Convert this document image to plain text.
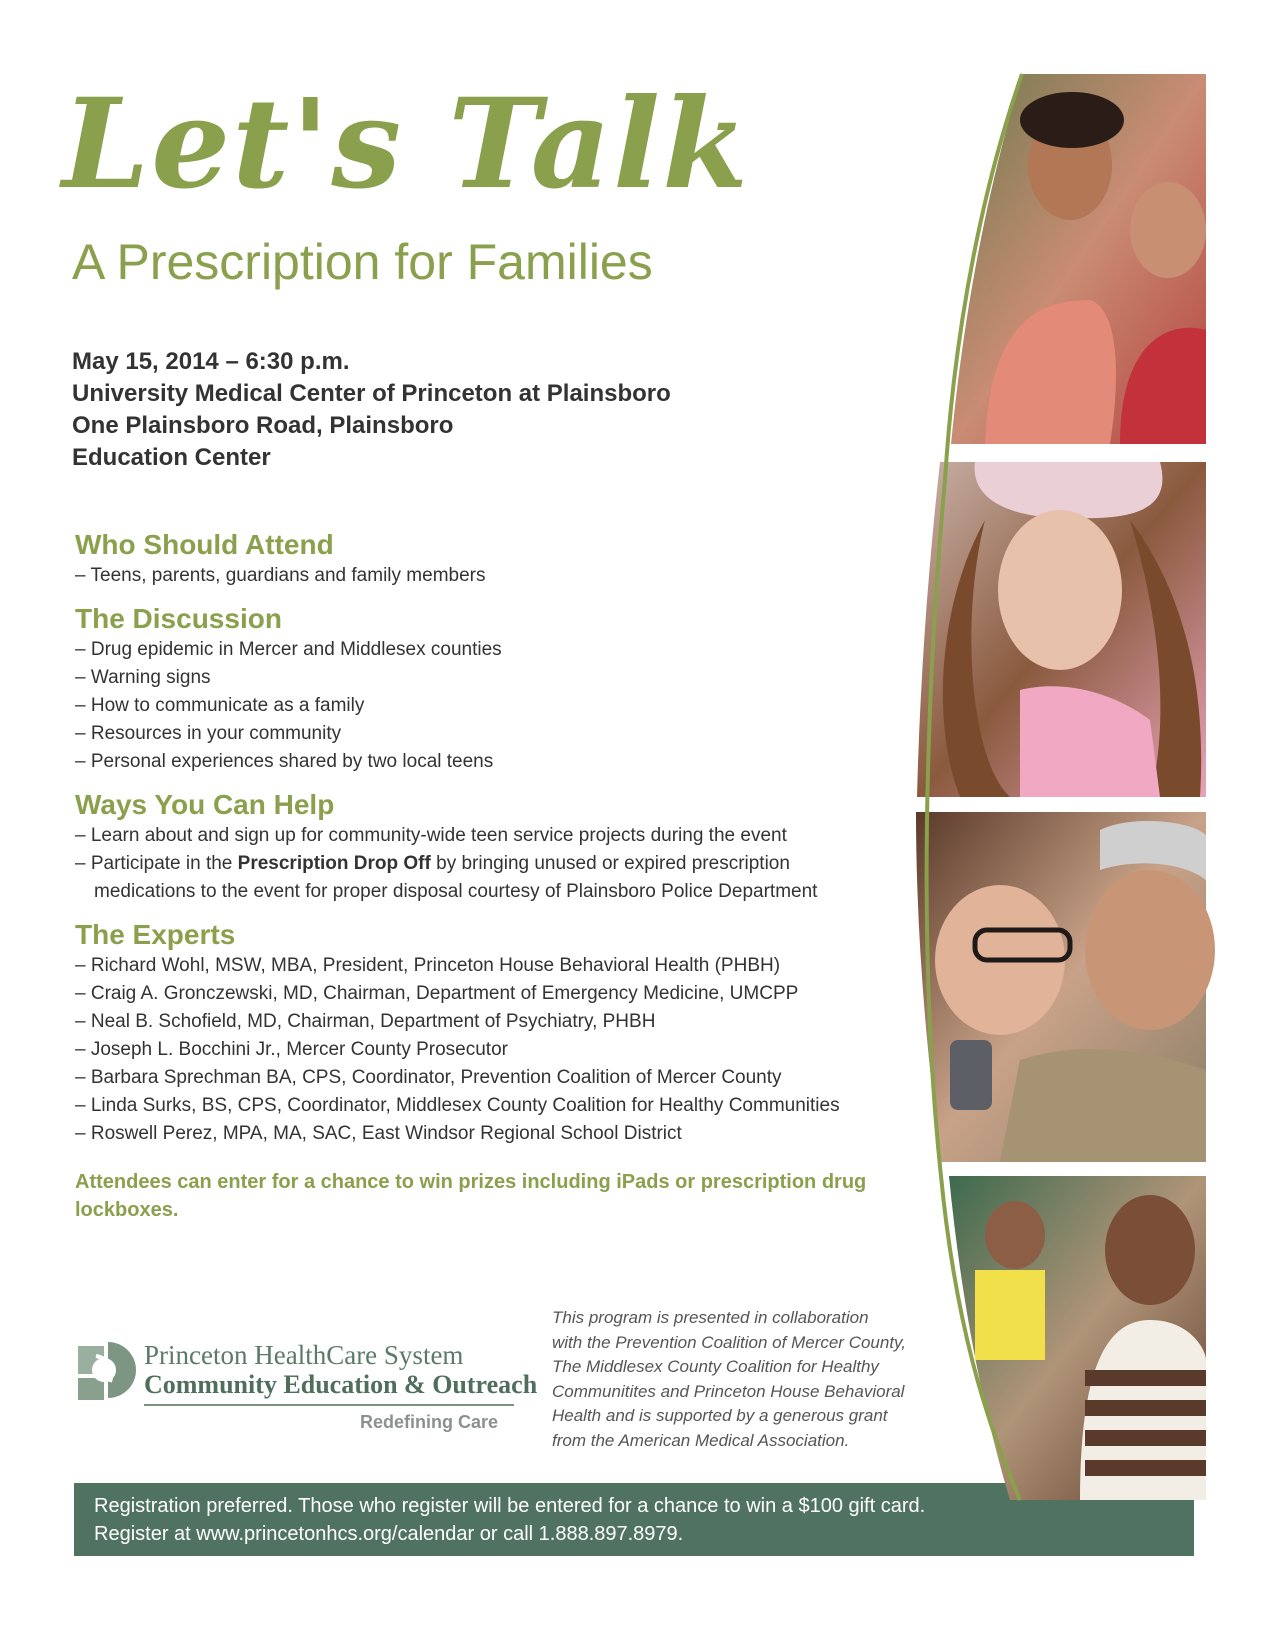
Let's Talk
A Prescription for Families
May 15, 2014 – 6:30 p.m.
University Medical Center of Princeton at Plainsboro
One Plainsboro Road, Plainsboro
Education Center
Who Should Attend
– Teens, parents, guardians and family members
The Discussion
– Drug epidemic in Mercer and Middlesex counties
– Warning signs
– How to communicate as a family
– Resources in your community
– Personal experiences shared by two local teens
Ways You Can Help
– Learn about and sign up for community-wide teen service projects during the event
– Participate in the Prescription Drop Off by bringing unused or expired prescription medications to the event for proper disposal courtesy of Plainsboro Police Department
The Experts
– Richard Wohl, MSW, MBA, President, Princeton House Behavioral Health (PHBH)
– Craig A. Gronczewski, MD, Chairman, Department of Emergency Medicine, UMCPP
– Neal B. Schofield, MD, Chairman, Department of Psychiatry, PHBH
– Joseph L. Bocchini Jr., Mercer County Prosecutor
– Barbara Sprechman BA, CPS, Coordinator, Prevention Coalition of Mercer County
– Linda Surks, BS, CPS, Coordinator, Middlesex County Coalition for Healthy Communities
– Roswell Perez, MPA, MA, SAC, East Windsor Regional School District
Attendees can enter for a chance to win prizes including iPads or prescription drug lockboxes.
Princeton HealthCare System
Community Education & Outreach
Redefining Care
This program is presented in collaboration
with the Prevention Coalition of Mercer County,
The Middlesex County Coalition for Healthy
Communitites and Princeton House Behavioral
Health and is supported by a generous grant
from the American Medical Association.
Registration preferred. Those who register will be entered for a chance to win a $100 gift card.
Register at www.princetonhcs.org/calendar or call 1.888.897.8979.
